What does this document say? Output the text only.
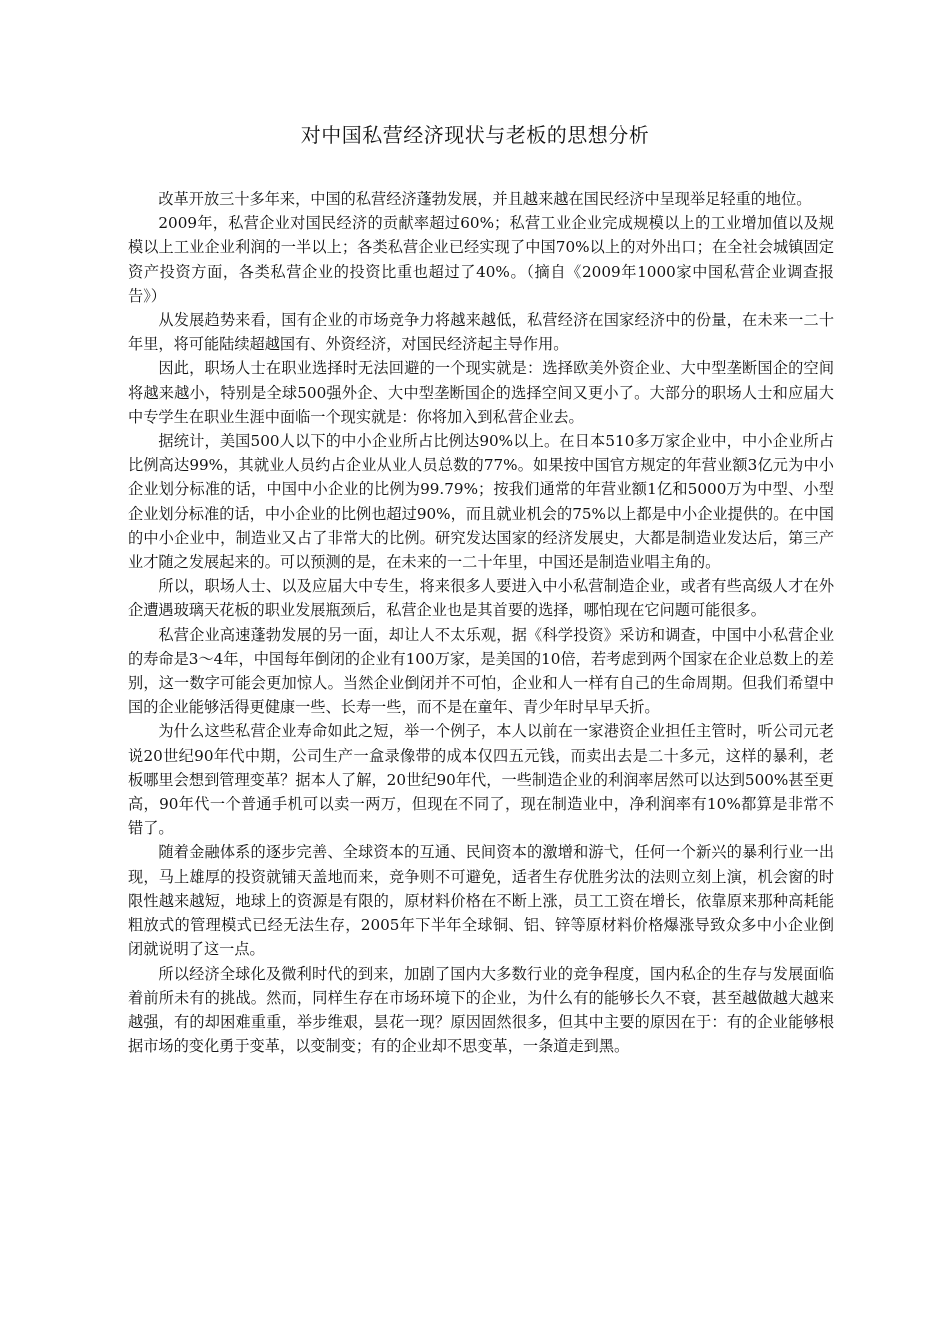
对中国私营经济现状与老板的思想分析

改革开放三十多年来，中国的私营经济蓬勃发展，并且越来越在国民经济中呈现举足轻重的地位。

2009年，私营企业对国民经济的贡献率超过60%；私营工业企业完成规模以上的工业增加值以及规模以上工业企业利润的一半以上；各类私营企业已经实现了中国70%以上的对外出口；在全社会城镇固定资产投资方面，各类私营企业的投资比重也超过了40%。（摘自《2009年1000家中国私营企业调查报告》）

从发展趋势来看，国有企业的市场竞争力将越来越低，私营经济在国家经济中的份量，在未来一二十年里，将可能陆续超越国有、外资经济，对国民经济起主导作用。

因此，职场人士在职业选择时无法回避的一个现实就是：选择欧美外资企业、大中型垄断国企的空间将越来越小，特别是全球500强外企、大中型垄断国企的选择空间又更小了。大部分的职场人士和应届大中专学生在职业生涯中面临一个现实就是：你将加入到私营企业去。

据统计，美国500人以下的中小企业所占比例达90%以上。在日本510多万家企业中，中小企业所占比例高达99%，其就业人员约占企业从业人员总数的77%。如果按中国官方规定的年营业额3亿元为中小企业划分标准的话，中国中小企业的比例为99.79%；按我们通常的年营业额1亿和5000万为中型、小型企业划分标准的话，中小企业的比例也超过90%，而且就业机会的75%以上都是中小企业提供的。在中国的中小企业中，制造业又占了非常大的比例。研究发达国家的经济发展史，大都是制造业发达后，第三产业才随之发展起来的。可以预测的是，在未来的一二十年里，中国还是制造业唱主角的。

所以，职场人士、以及应届大中专生，将来很多人要进入中小私营制造企业，或者有些高级人才在外企遭遇玻璃天花板的职业发展瓶颈后，私营企业也是其首要的选择，哪怕现在它问题可能很多。

私营企业高速蓬勃发展的另一面，却让人不太乐观，据《科学投资》采访和调查，中国中小私营企业的寿命是3～4年，中国每年倒闭的企业有100万家，是美国的10倍，若考虑到两个国家在企业总数上的差别，这一数字可能会更加惊人。当然企业倒闭并不可怕，企业和人一样有自己的生命周期。但我们希望中国的企业能够活得更健康一些、长寿一些，而不是在童年、青少年时早早夭折。

为什么这些私营企业寿命如此之短，举一个例子，本人以前在一家港资企业担任主管时，听公司元老说20世纪90年代中期，公司生产一盒录像带的成本仅四五元钱，而卖出去是二十多元，这样的暴利，老板哪里会想到管理变革？据本人了解，20世纪90年代，一些制造企业的利润率居然可以达到500%甚至更高，90年代一个普通手机可以卖一两万，但现在不同了，现在制造业中，净利润率有10%都算是非常不错了。

随着金融体系的逐步完善、全球资本的互通、民间资本的激增和游弋，任何一个新兴的暴利行业一出现，马上雄厚的投资就铺天盖地而来，竞争则不可避免，适者生存优胜劣汰的法则立刻上演，机会窗的时限性越来越短，地球上的资源是有限的，原材料价格在不断上涨，员工工资在增长，依靠原来那种高耗能粗放式的管理模式已经无法生存，2005年下半年全球铜、铝、锌等原材料价格爆涨导致众多中小企业倒闭就说明了这一点。

所以经济全球化及微利时代的到来，加剧了国内大多数行业的竞争程度，国内私企的生存与发展面临着前所未有的挑战。然而，同样生存在市场环境下的企业，为什么有的能够长久不衰，甚至越做越大越来越强，有的却困难重重，举步维艰，昙花一现？原因固然很多，但其中主要的原因在于：有的企业能够根据市场的变化勇于变革，以变制变；有的企业却不思变革，一条道走到黑。
